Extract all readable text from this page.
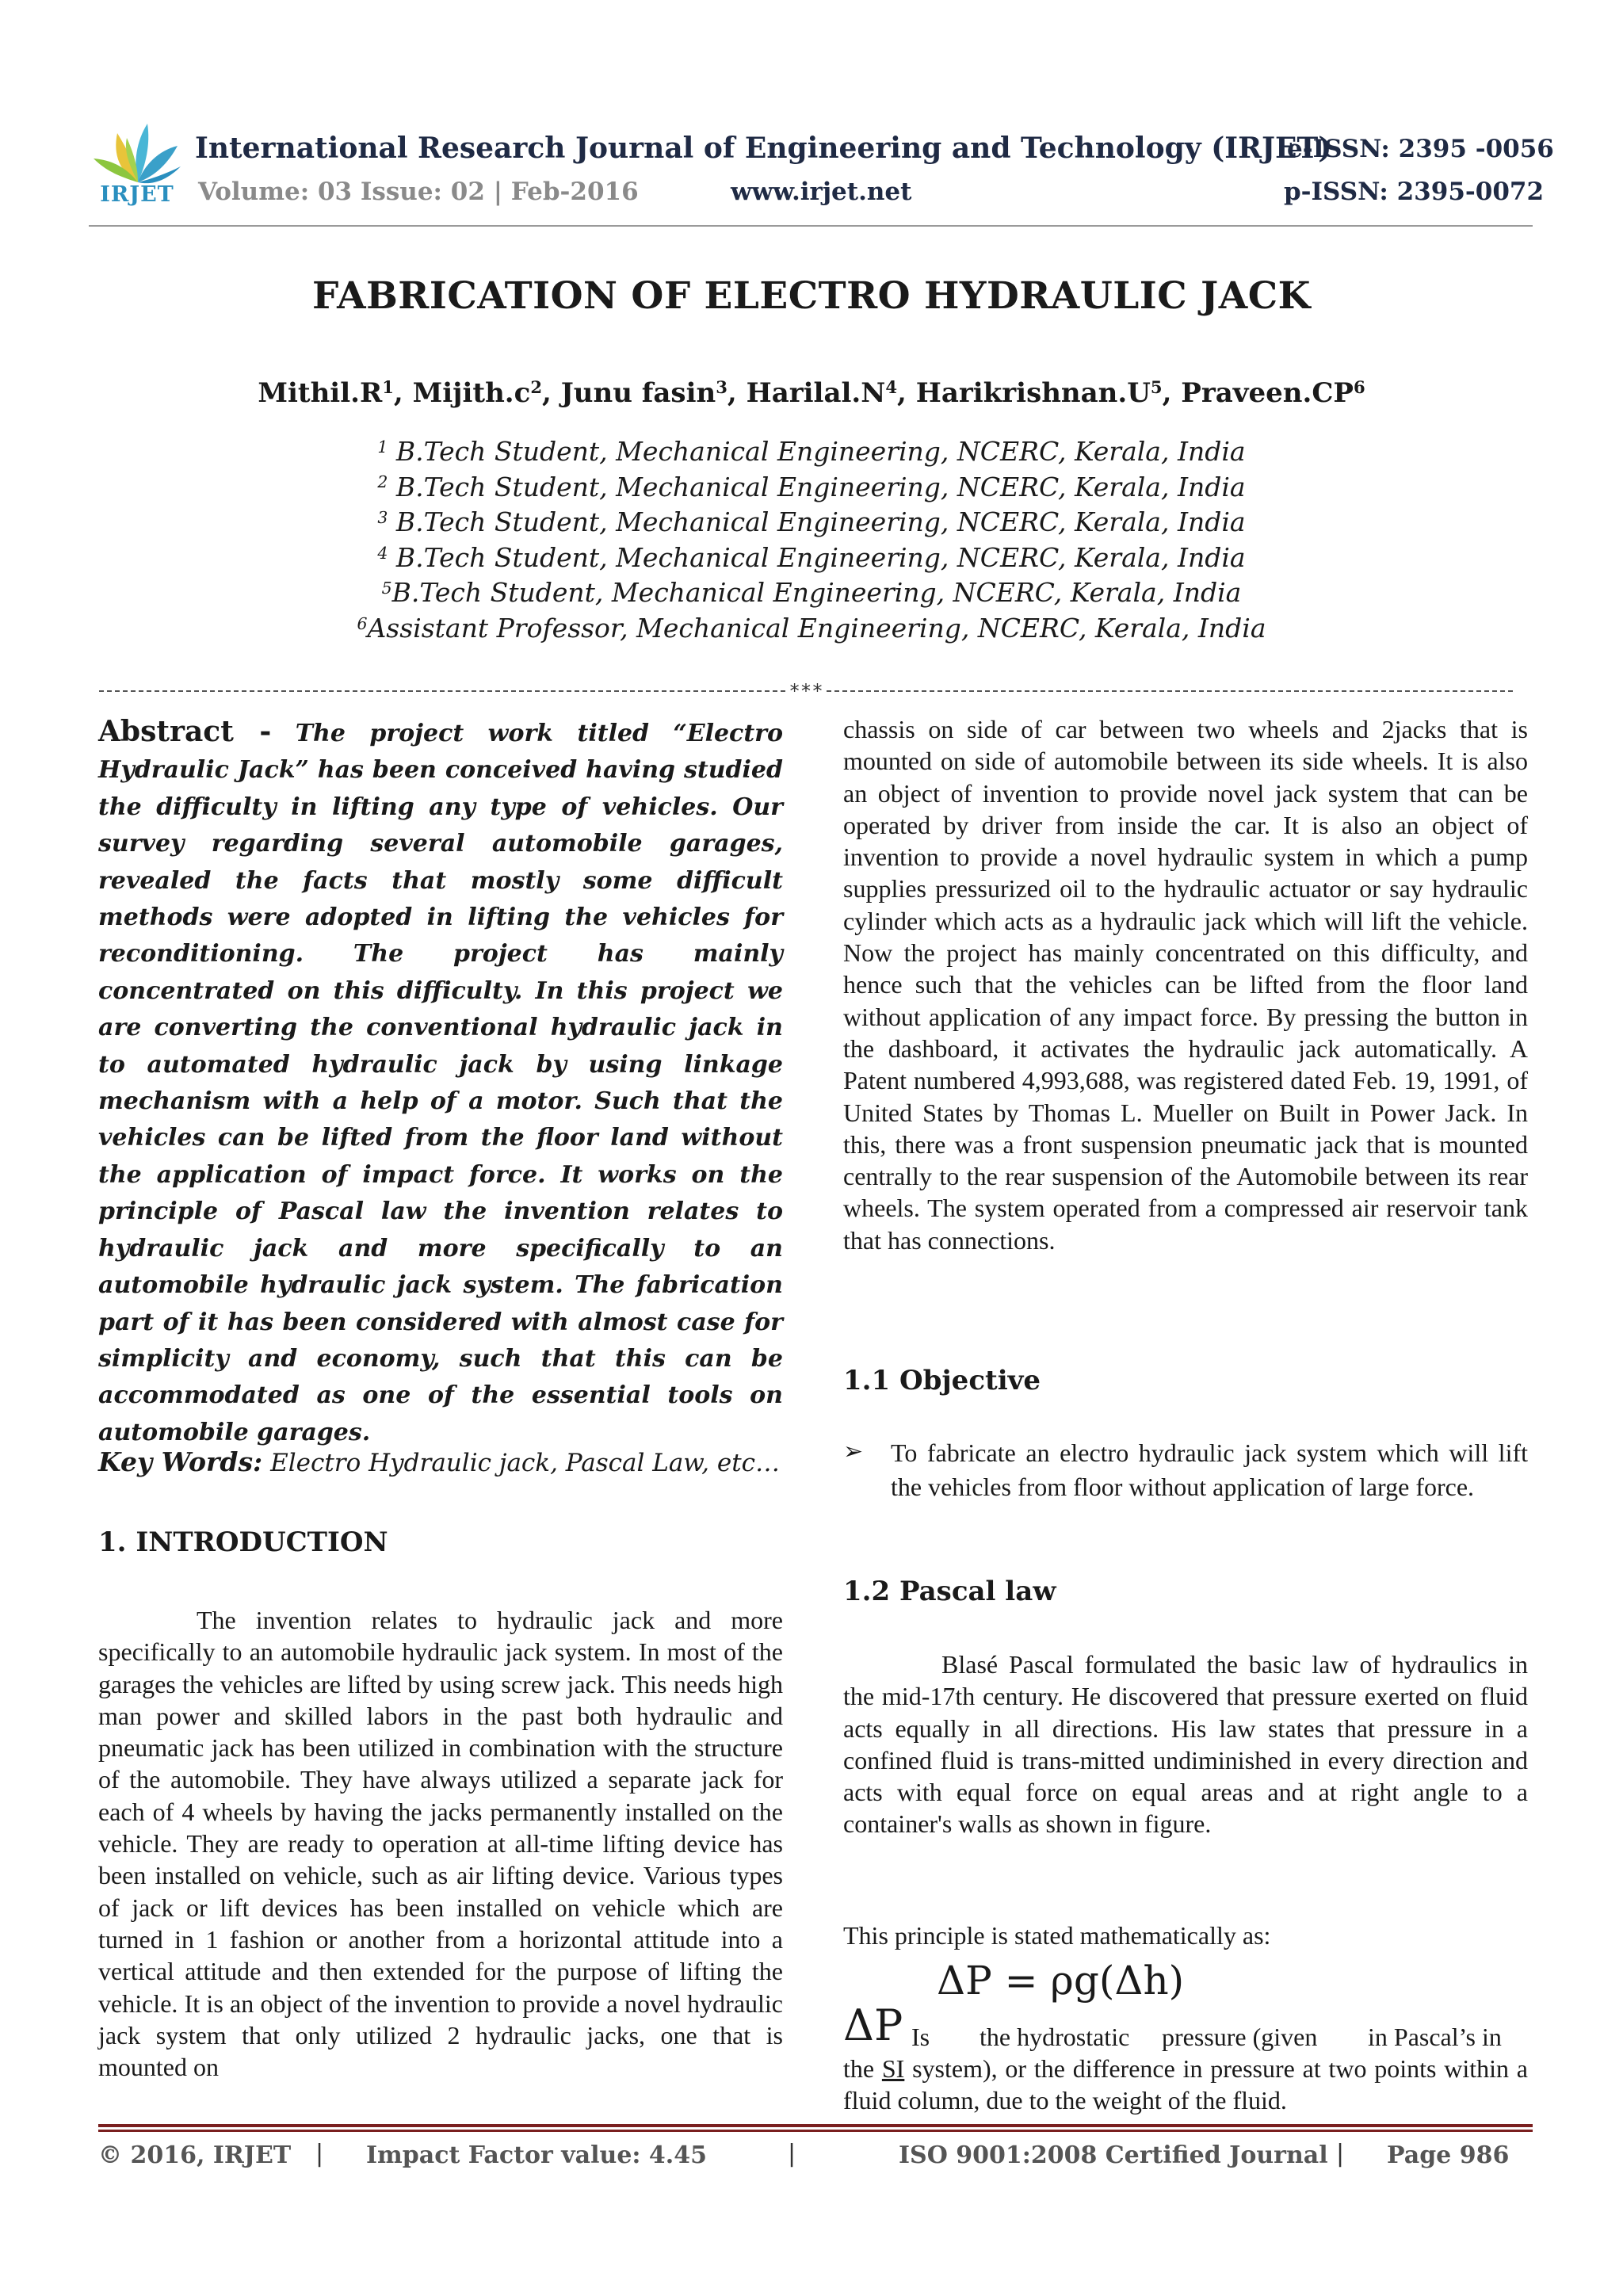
IRJET
International Research Journal of Engineering and Technology (IRJET)
e-ISSN: 2395 -0056
Volume: 03 Issue: 02 | Feb-2016	www.irjet.net	p-ISSN: 2395-0072
FABRICATION OF ELECTRO HYDRAULIC JACK
$Mithil.R^1$, $Mijith.c^2$, Junu fasin$^3$, $Harilal.N^4$, $Harikrishnan.U^5$, $Praveen.CP^6$
$^1$ B.Tech Student, Mechanical Engineering, NCERC, Kerala, India
$^2$ B.Tech Student, Mechanical Engineering, NCERC, Kerala, India
$^3$ B.Tech Student, Mechanical Engineering, NCERC, Kerala, India
$^4$ B.Tech Student, Mechanical Engineering, NCERC, Kerala, India
$^5$B.Tech Student, Mechanical Engineering, NCERC, Kerala, India
$^6$Assistant Professor, Mechanical Engineering, NCERC, Kerala, India
***
Abstract - The project work titled “Electro Hydraulic Jack” has been conceived having studied the difficulty in lifting any type of vehicles. Our survey regarding several automobile garages, revealed the facts that mostly some difficult methods were adopted in lifting the vehicles for reconditioning. The project has mainly concentrated on this difficulty. In this project we are converting the conventional hydraulic jack in to automated hydraulic jack by using linkage mechanism with a help of a motor. Such that the vehicles can be lifted from the floor land without the application of impact force. It works on the principle of Pascal law the invention relates to hydraulic jack and more specifically to an automobile hydraulic jack system. The fabrication part of it has been considered with almost case for simplicity and economy, such that this can be accommodated as one of the essential tools on automobile garages.
Key Words: Electro Hydraulic jack, Pascal Law, etc…
1. INTRODUCTION
The invention relates to hydraulic jack and more specifically to an automobile hydraulic jack system. In most of the garages the vehicles are lifted by using screw jack. This needs high man power and skilled labors in the past both hydraulic and pneumatic jack has been utilized in combination with the structure of the automobile. They have always utilized a separate jack for each of 4 wheels by having the jacks permanently installed on the vehicle. They are ready to operation at all-time lifting device has been installed on vehicle, such as air lifting device. Various types of jack or lift devices has been installed on vehicle which are turned in 1 fashion or another from a horizontal attitude into a vertical attitude and then extended for the purpose of lifting the vehicle. It is an object of the invention to provide a novel hydraulic jack system that only utilized 2 hydraulic jacks, one that is mounted on
chassis on side of car between two wheels and 2jacks that is mounted on side of automobile between its side wheels. It is also an object of invention to provide novel jack system that can be operated by driver from inside the car. It is also an object of invention to provide a novel hydraulic system in which a pump supplies pressurized oil to the hydraulic actuator or say hydraulic cylinder which acts as a hydraulic jack which will lift the vehicle. Now the project has mainly concentrated on this difficulty, and hence such that the vehicles can be lifted from the floor land without application of any impact force. By pressing the button in the dashboard, it activates the hydraulic jack automatically. A Patent numbered 4,993,688, was registered dated Feb. 19, 1991, of United States by Thomas L. Mueller on Built in Power Jack. In this, there was a front suspension pneumatic jack that is mounted centrally to the rear suspension of the Automobile between its rear wheels. The system operated from a compressed air reservoir tank that has connections.
1.1 Objective
➢ To fabricate an electro hydraulic jack system which will lift the vehicles from floor without application of large force.
1.2 Pascal law
Blasé Pascal formulated the basic law of hydraulics in the mid-17th century. He discovered that pressure exerted on fluid acts equally in all directions. His law states that pressure in a confined fluid is trans-mitted undiminished in every direction and acts with equal force on equal areas and at right angle to a container's walls as shown in figure.
This principle is stated mathematically as:
ΔP = ρg(Δh)
ΔP Is the hydrostatic pressure (given in Pascal’s in
the SI system), or the difference in pressure at two points within a fluid column, due to the weight of the fluid.
© 2016, IRJET | Impact Factor value: 4.45	|	ISO 9001:2008 Certified Journal | Page 986
